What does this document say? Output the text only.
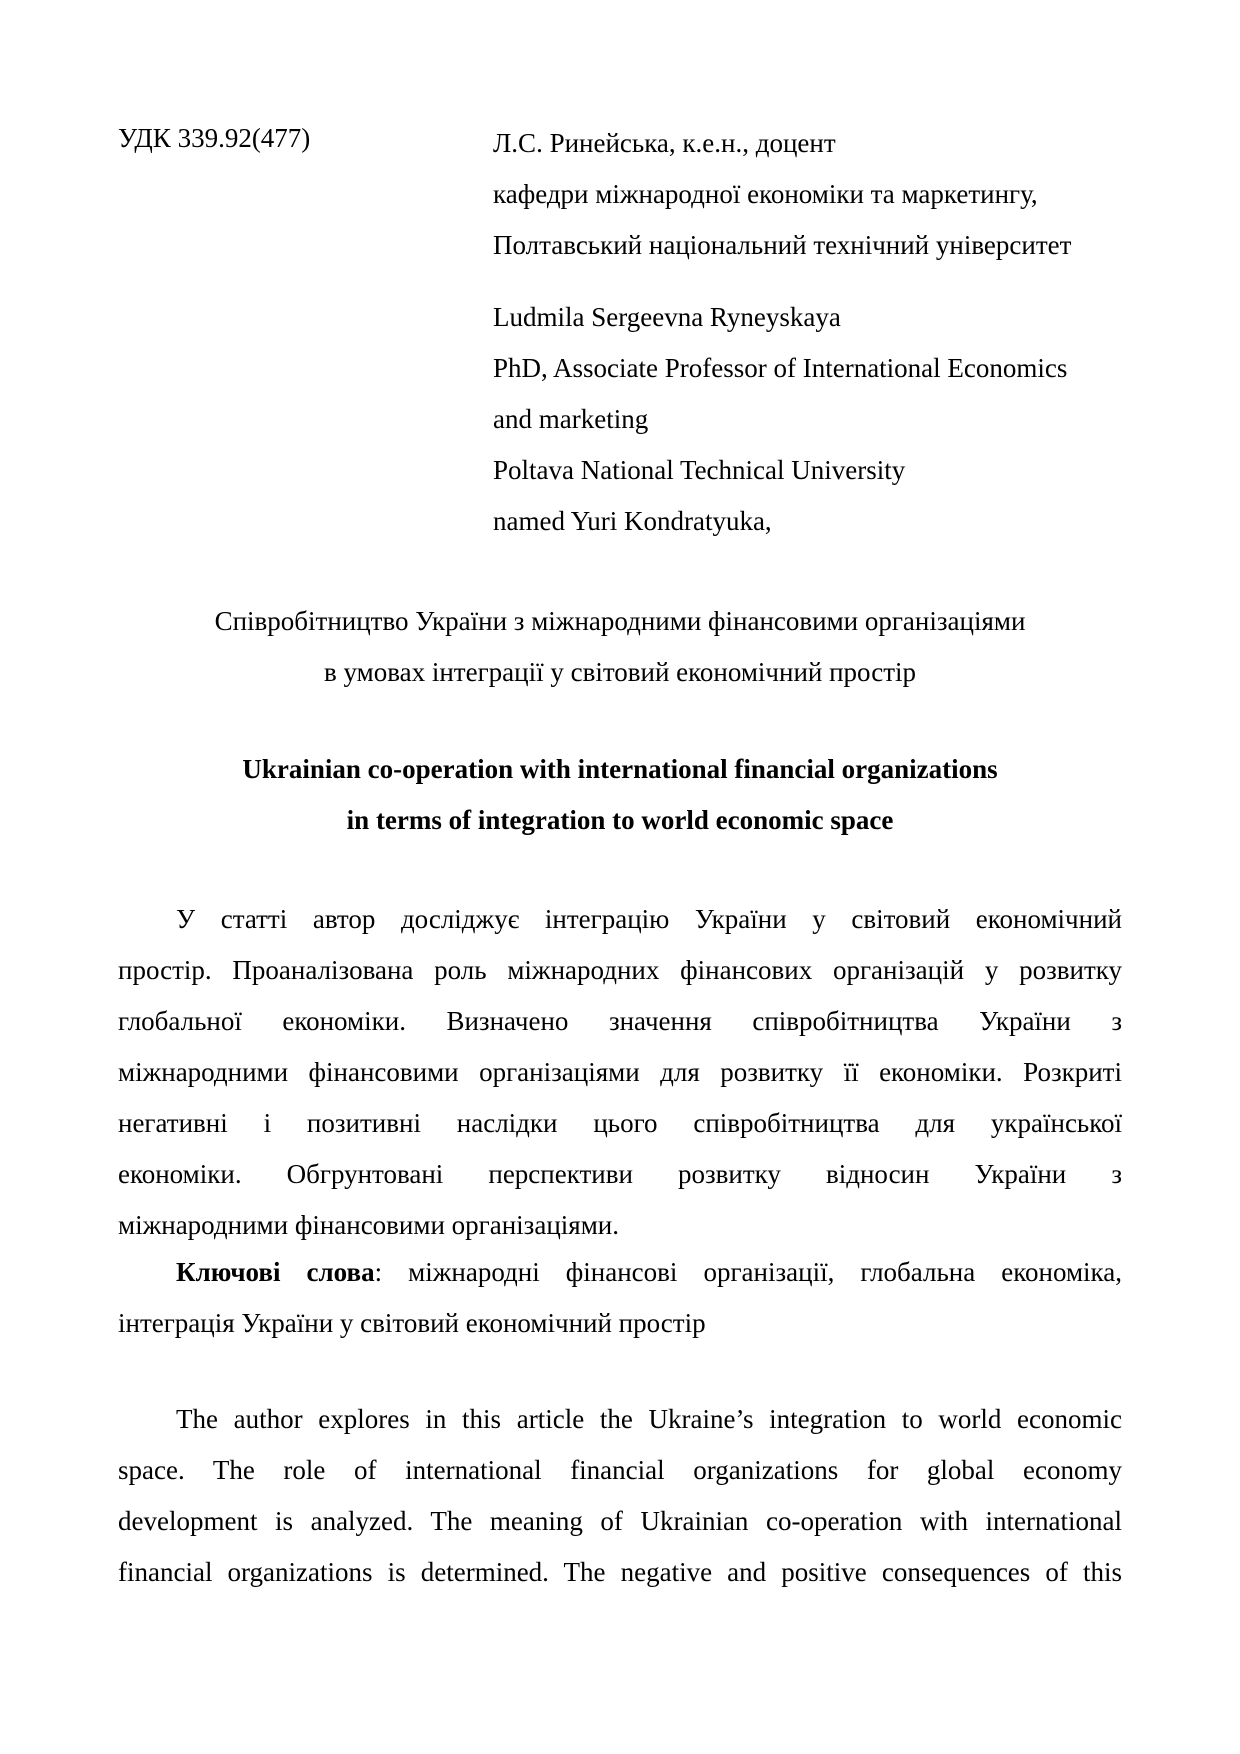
УДК 339.92(477)	Л.С. Ринейська, к.е.н., доцент
кафедри міжнародної економіки та маркетингу,
Полтавський національний технічний університет
Ludmila Sergeevna Ryneyskaya
PhD, Associate Professor of International Economics
and marketing
Poltava National Technical University
named Yuri Kondratyuka,
Співробітництво України з міжнародними фінансовими організаціями
в умовах інтеграції у світовий економічний простір
Ukrainian co-operation with international financial organizations
in terms of integration to world economic space
У статті автор досліджує інтеграцію України у світовий економічний
простір. Проаналізована роль міжнародних фінансових організацій у розвитку
глобальної економіки. Визначено значення співробітництва України з
міжнародними фінансовими організаціями для розвитку її економіки. Розкриті
негативні і позитивні наслідки цього співробітництва для української
економіки. Обгрунтовані перспективи розвитку відносин України з
міжнародними фінансовими організаціями.
Ключові слова: міжнародні фінансові організації, глобальна економіка,
інтеграція України у світовий економічний простір
The author explores in this article the Ukraine’s integration to world economic
space. The role of international financial organizations for global economy
development is analyzed. The meaning of Ukrainian co-operation with international
financial organizations is determined. The negative and positive consequences of this
